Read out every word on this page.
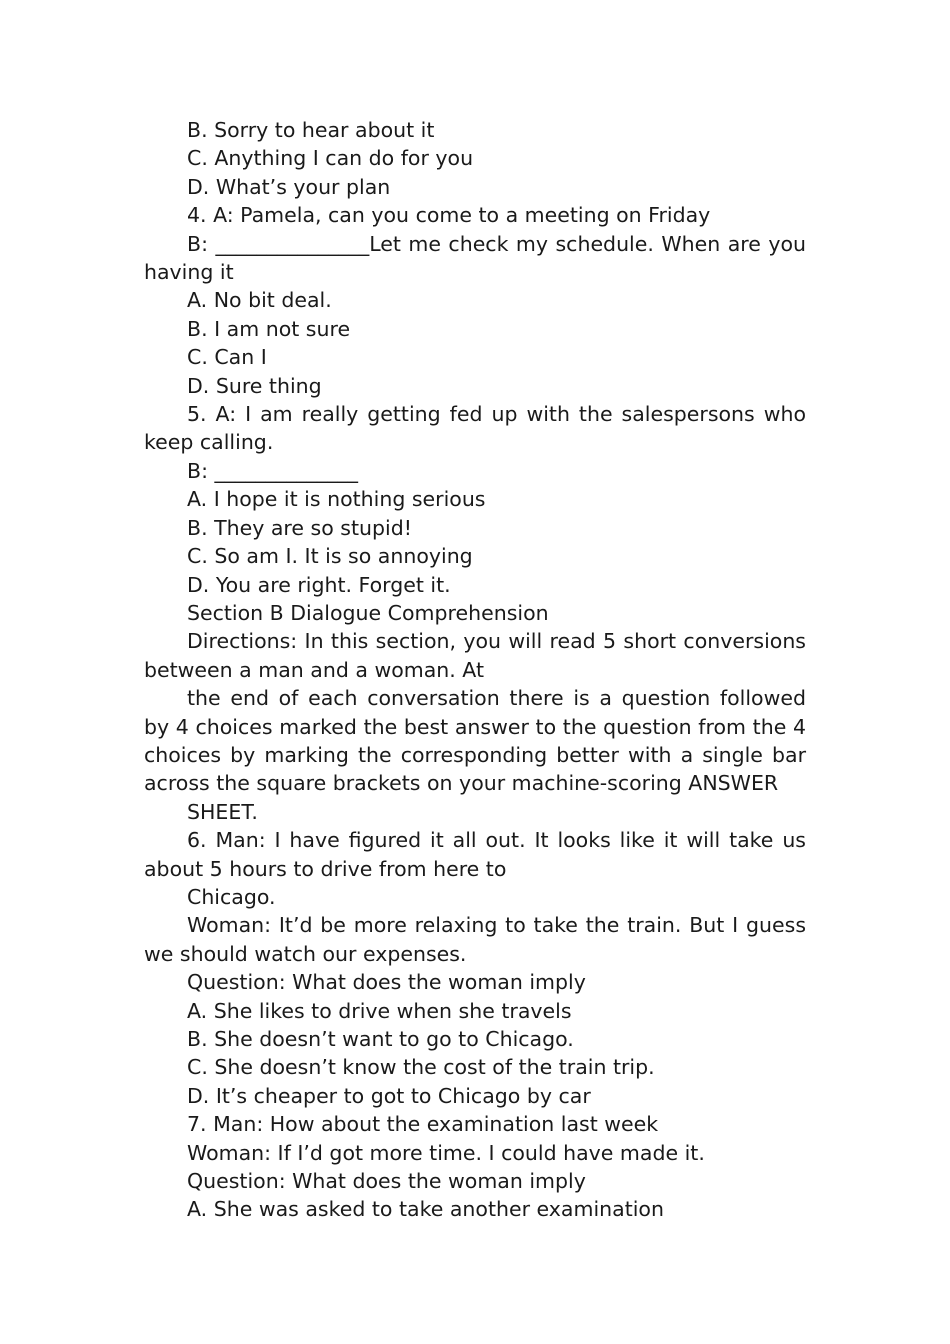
B. Sorry to hear about it

C. Anything I can do for you

D. What’s your plan

4. A: Pamela, can you come to a meeting on Friday

B: _______________Let me check my schedule. When are you having it

A. No bit deal.

B. I am not sure

C. Can I

D. Sure thing

5. A: I am really getting fed up with the salespersons who keep calling.

B: ______________

A. I hope it is nothing serious

B. They are so stupid!

C. So am I. It is so annoying

D. You are right. Forget it.

Section B Dialogue Comprehension

Directions: In this section, you will read 5 short conversions between a man and a woman. At

the end of each conversation there is a question followed by 4 choices marked the best answer to the question from the 4 choices by marking the corresponding better with a single bar across the square brackets on your machine-scoring ANSWER

SHEET.

6. Man: I have figured it all out. It looks like it will take us about 5 hours to drive from here to

Chicago.

Woman: It’d be more relaxing to take the train. But I guess we should watch our expenses.

Question: What does the woman imply

A. She likes to drive when she travels

B. She doesn’t want to go to Chicago.

C. She doesn’t know the cost of the train trip.

D. It’s cheaper to got to Chicago by car

7. Man: How about the examination last week

Woman: If I’d got more time. I could have made it.

Question: What does the woman imply

A. She was asked to take another examination
